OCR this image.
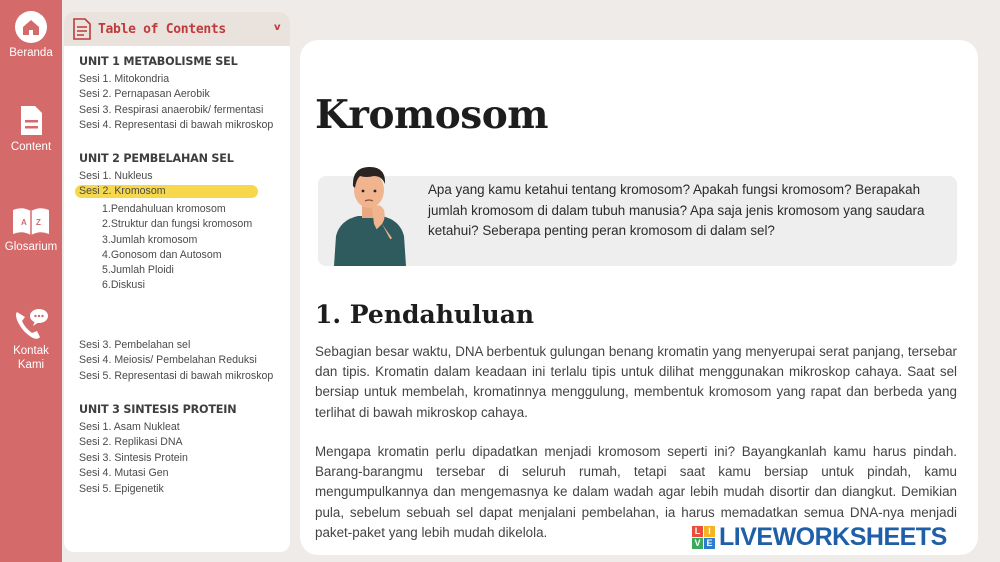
Beranda
Content
A Z
Glosarium
Kontak
Kami
Table of Contents	v
UNIT 1 METABOLISME SEL
Sesi 1. Mitokondria
Sesi 2. Pernapasan Aerobik
Sesi 3. Respirasi anaerobik/ fermentasi
Sesi 4. Representasi di bawah mikroskop
UNIT 2 PEMBELAHAN SEL
Sesi 1. Nukleus
Sesi 2. Kromosom
1.Pendahuluan kromosom
2.Struktur dan fungsi kromosom
3.Jumlah kromosom
4.Gonosom dan Autosom
5.Jumlah Ploidi
6.Diskusi
Sesi 3. Pembelahan sel
Sesi 4. Meiosis/ Pembelahan Reduksi
Sesi 5. Representasi di bawah mikroskop
UNIT 3 SINTESIS PROTEIN
Sesi 1. Asam Nukleat
Sesi 2. Replikasi DNA
Sesi 3. Sintesis Protein
Sesi 4. Mutasi Gen
Sesi 5. Epigenetik
Kromosom

Apa yang kamu ketahui tentang kromosom? Apakah fungsi kromosom? Berapakah jumlah kromosom di dalam tubuh manusia? Apa saja jenis kromosom yang saudara ketahui? Seberapa penting peran kromosom di dalam sel?

1. Pendahuluan

Sebagian besar waktu, DNA berbentuk gulungan benang kromatin yang menyerupai serat panjang, tersebar dan tipis. Kromatin dalam keadaan ini terlalu tipis untuk dilihat menggunakan mikroskop cahaya. Saat sel bersiap untuk membelah, kromatinnya menggulung, membentuk kromosom yang rapat dan berbeda yang terlihat di bawah mikroskop cahaya.

Mengapa kromatin perlu dipadatkan menjadi kromosom seperti ini? Bayangkanlah kamu harus pindah. Barang-barangmu tersebar di seluruh rumah, tetapi saat kamu bersiap untuk pindah, kamu mengumpulkannya dan mengemasnya ke dalam wadah agar lebih mudah disortir dan diangkut. Demikian pula, sebelum sebuah sel dapat menjalani pembelahan, ia harus memadatkan semua DNA-nya menjadi paket-paket yang lebih mudah dikelola.	L I
V E LIVEWORKSHEETS
